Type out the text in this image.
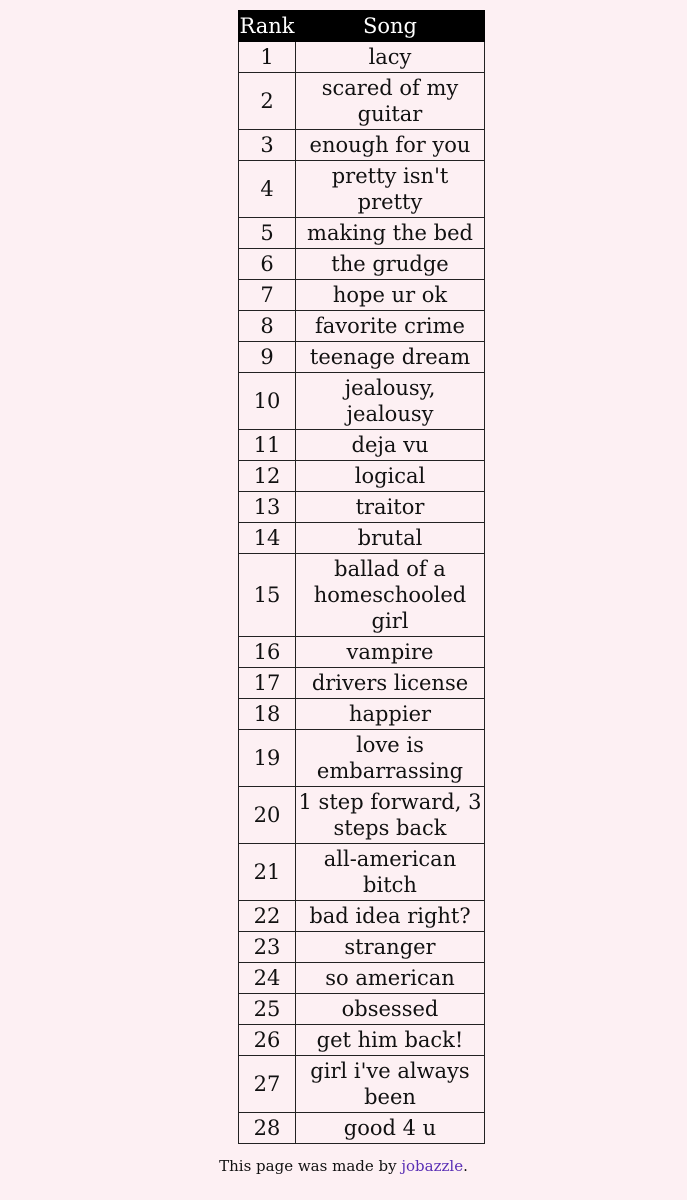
Rank	Song
1	lacy
2	scared of my guitar
3	enough for you
4	pretty isn't pretty
5	making the bed
6	the grudge
7	hope ur ok
8	favorite crime
9	teenage dream
10	jealousy, jealousy
11	deja vu
12	logical
13	traitor
14	brutal
15	ballad of a homeschooled girl
16	vampire
17	drivers license
18	happier
19	love is embarrassing
20	1 step forward, 3 steps back
21	all-american bitch
22	bad idea right?
23	stranger
24	so american
25	obsessed
26	get him back!
27	girl i've always been
28	good 4 u
This page was made by jobazzle.
